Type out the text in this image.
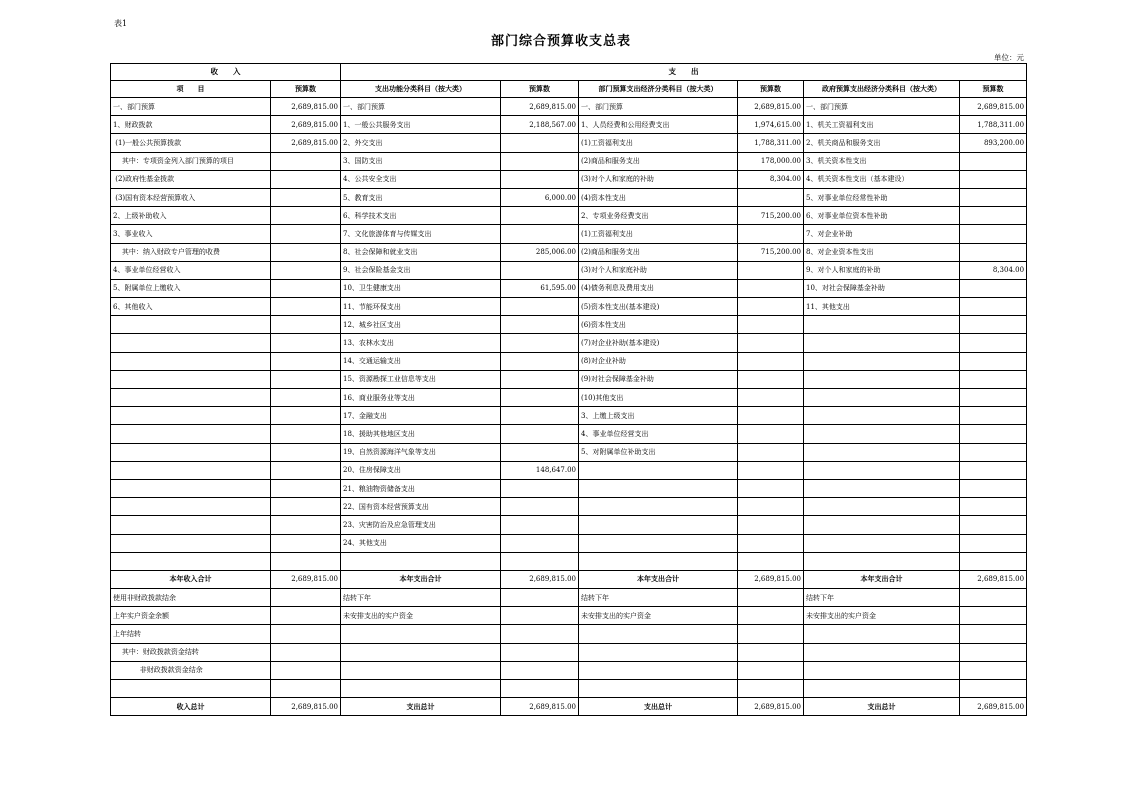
表1
部门综合预算收支总表
单位：元
收　　入		支　　出					
项　　目	预算数	支出功能分类科目（按大类）	预算数	部门预算支出经济分类科目（按大类）	预算数	政府预算支出经济分类科目（按大类）	预算数
一、部门预算	2,689,815.00	一、部门预算	2,689,815.00	一、部门预算	2,689,815.00	一、部门预算	2,689,815.00
1、财政拨款	2,689,815.00	1、一般公共服务支出	2,188,567.00	1、人员经费和公用经费支出	1,974,615.00	1、机关工资福利支出	1,788,311.00
(1)一般公共预算拨款	2,689,815.00	2、外交支出		(1)工资福利支出	1,788,311.00	2、机关商品和服务支出	893,200.00
其中：专项资金列入部门预算的项目		3、国防支出		(2)商品和服务支出	178,000.00	3、机关资本性支出	
(2)政府性基金拨款		4、公共安全支出		(3)对个人和家庭的补助	8,304.00	4、机关资本性支出（基本建设）	
(3)国有资本经营预算收入		5、教育支出	6,000.00	(4)资本性支出		5、对事业单位经常性补助	
2、上级补助收入		6、科学技术支出		2、专项业务经费支出	715,200.00	6、对事业单位资本性补助	
3、事业收入		7、文化旅游体育与传媒支出		(1)工资福利支出		7、对企业补助	
其中：纳入财政专户管理的收费		8、社会保障和就业支出	285,006.00	(2)商品和服务支出	715,200.00	8、对企业资本性支出	
4、事业单位经营收入		9、社会保险基金支出		(3)对个人和家庭补助		9、对个人和家庭的补助	8,304.00
5、附属单位上缴收入		10、卫生健康支出	61,595.00	(4)债务利息及费用支出		10、对社会保障基金补助	
6、其他收入		11、节能环保支出		(5)资本性支出(基本建设)		11、其他支出	
		12、城乡社区支出		(6)资本性支出			
		13、农林水支出		(7)对企业补助(基本建设)			
		14、交通运输支出		(8)对企业补助			
		15、资源勘探工业信息等支出		(9)对社会保障基金补助			
		16、商业服务业等支出		(10)其他支出			
		17、金融支出		3、上缴上级支出			
		18、援助其他地区支出		4、事业单位经营支出			
		19、自然资源海洋气象等支出		5、对附属单位补助支出			
		20、住房保障支出	148,647.00				
		21、粮油物资储备支出					
		22、国有资本经营预算支出					
		23、灾害防治及应急管理支出					
		24、其他支出					

本年收入合计	2,689,815.00	本年支出合计	2,689,815.00	本年支出合计	2,689,815.00	本年支出合计	2,689,815.00
使用非财政拨款结余		结转下年		结转下年		结转下年	
上年实户资金余额		未安排支出的实户资金		未安排支出的实户资金		未安排支出的实户资金	
上年结转							
其中：财政拨款资金结转							
非财政拨款资金结余							

收入总计	2,689,815.00	支出总计	2,689,815.00	支出总计	2,689,815.00	支出总计	2,689,815.00
